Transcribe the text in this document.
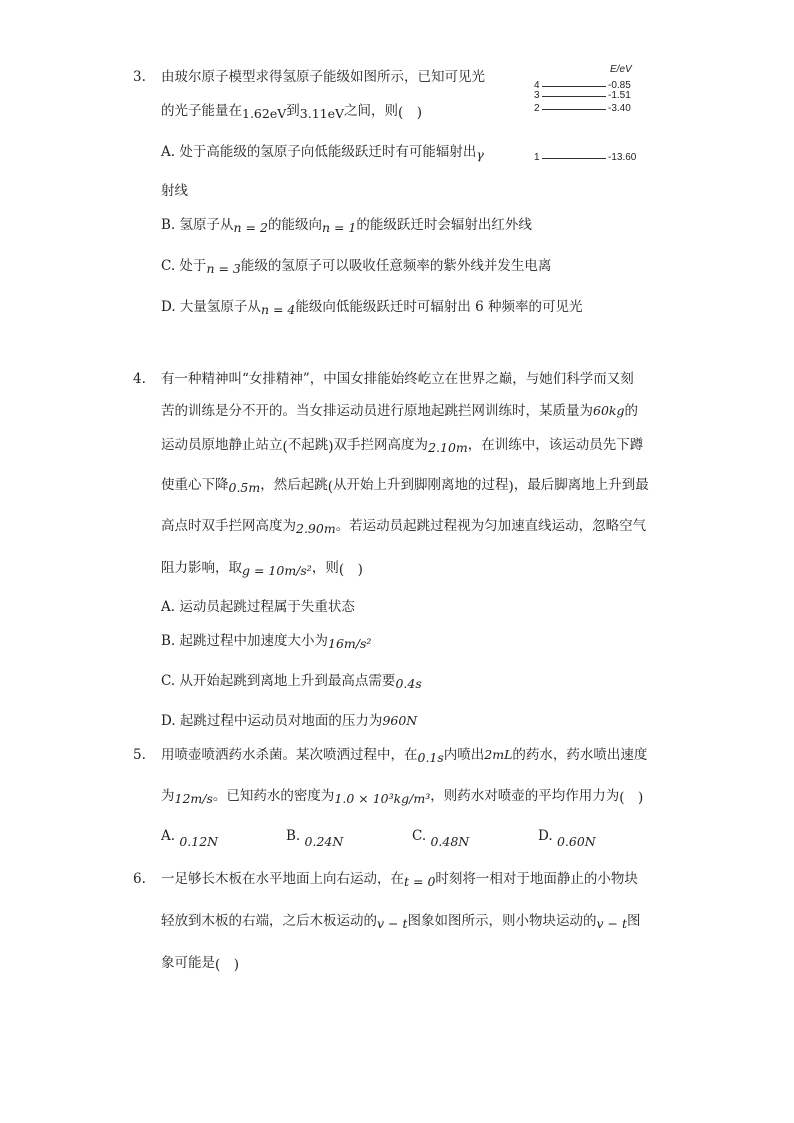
3. 由玻尔原子模型求得氢原子能级如图所示，已知可见光
的光子能量在1.62eV到3.11eV之间，则(　)
A. 处于高能级的氢原子向低能级跃迁时有可能辐射出γ
射线
B. 氢原子从n = 2的能级向n = 1的能级跃迁时会辐射出红外线
C. 处于n = 3能级的氢原子可以吸收任意频率的紫外线并发生电离
D. 大量氢原子从n = 4能级向低能级跃迁时可辐射出 6 种频率的可见光
E/eV
4	-0.85
3	-1.51
2	-3.40
1	-13.60
4. 有一种精神叫“女排精神”，中国女排能始终屹立在世界之巅，与她们科学而又刻
苦的训练是分不开的。当女排运动员进行原地起跳拦网训练时，某质量为60kg的
运动员原地静止站立(不起跳)双手拦网高度为2.10m，在训练中，该运动员先下蹲
使重心下降0.5m，然后起跳(从开始上升到脚刚离地的过程)，最后脚离地上升到最
高点时双手拦网高度为2.90m。若运动员起跳过程视为匀加速直线运动，忽略空气
阻力影响，取g = 10m/s²，则(　)
A. 运动员起跳过程属于失重状态
B. 起跳过程中加速度大小为16m/s²
C. 从开始起跳到离地上升到最高点需要0.4s
D. 起跳过程中运动员对地面的压力为960N
5. 用喷壶喷洒药水杀菌。某次喷洒过程中，在0.1s内喷出2mL的药水，药水喷出速度
为12m/s。已知药水的密度为1.0 × 10³kg/m³，则药水对喷壶的平均作用力为(　)
A. 0.12N	B. 0.24N	C. 0.48N	D. 0.60N
6. 一足够长木板在水平地面上向右运动，在t = 0时刻将一相对于地面静止的小物块
轻放到木板的右端，之后木板运动的v − t图象如图所示，则小物块运动的v − t图
象可能是(　)
